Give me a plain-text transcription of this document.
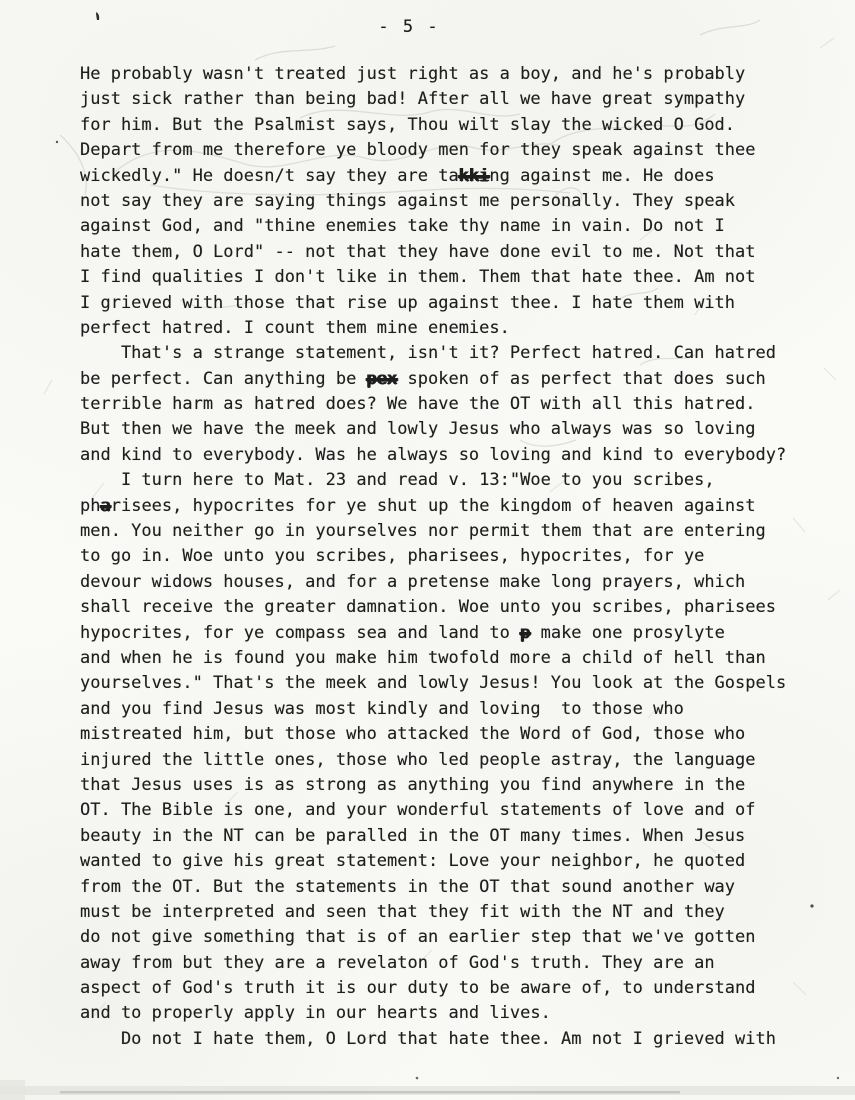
- 5 -
He probably wasn't treated just right as a boy, and he's probably
just sick rather than being bad! After all we have great sympathy
for him. But the Psalmist says, Thou wilt slay the wicked O God.
Depart from me therefore ye bloody men for they speak against thee
wickedly." He doesn/t say they are takking against me. He does
not say they are saying things against me personally. They speak
against God, and "thine enemies take thy name in vain. Do not I
hate them, O Lord" -- not that they have done evil to me. Not that
I find qualities I don't like in them. Them that hate thee. Am not
I grieved with those that rise up against thee. I hate them with
perfect hatred. I count them mine enemies.
That's a strange statement, isn't it? Perfect hatred. Can hatred
be perfect. Can anything be pex spoken of as perfect that does such
terrible harm as hatred does? We have the OT with all this hatred.
But then we have the meek and lowly Jesus who always was so loving
and kind to everybody. Was he always so loving and kind to everybody?
I turn here to Mat. 23 and read v. 13:"Woe to you scribes,
pharisees, hypocrites for ye shut up the kingdom of heaven against
men. You neither go in yourselves nor permit them that are entering
to go in. Woe unto you scribes, pharisees, hypocrites, for ye
devour widows houses, and for a pretense make long prayers, which
shall receive the greater damnation. Woe unto you scribes, pharisees
hypocrites, for ye compass sea and land to p make one prosylyte
and when he is found you make him twofold more a child of hell than
yourselves." That's the meek and lowly Jesus! You look at the Gospels
and you find Jesus was most kindly and loving  to those who
mistreated him, but those who attacked the Word of God, those who
injured the little ones, those who led people astray, the language
that Jesus uses is as strong as anything you find anywhere in the
OT. The Bible is one, and your wonderful statements of love and of
beauty in the NT can be paralled in the OT many times. When Jesus
wanted to give his great statement: Love your neighbor, he quoted
from the OT. But the statements in the OT that sound another way
must be interpreted and seen that they fit with the NT and they
do not give something that is of an earlier step that we've gotten
away from but they are a revelaton of God's truth. They are an
aspect of God's truth it is our duty to be aware of, to understand
and to properly apply in our hearts and lives.
Do not I hate them, O Lord that hate thee. Am not I grieved with
